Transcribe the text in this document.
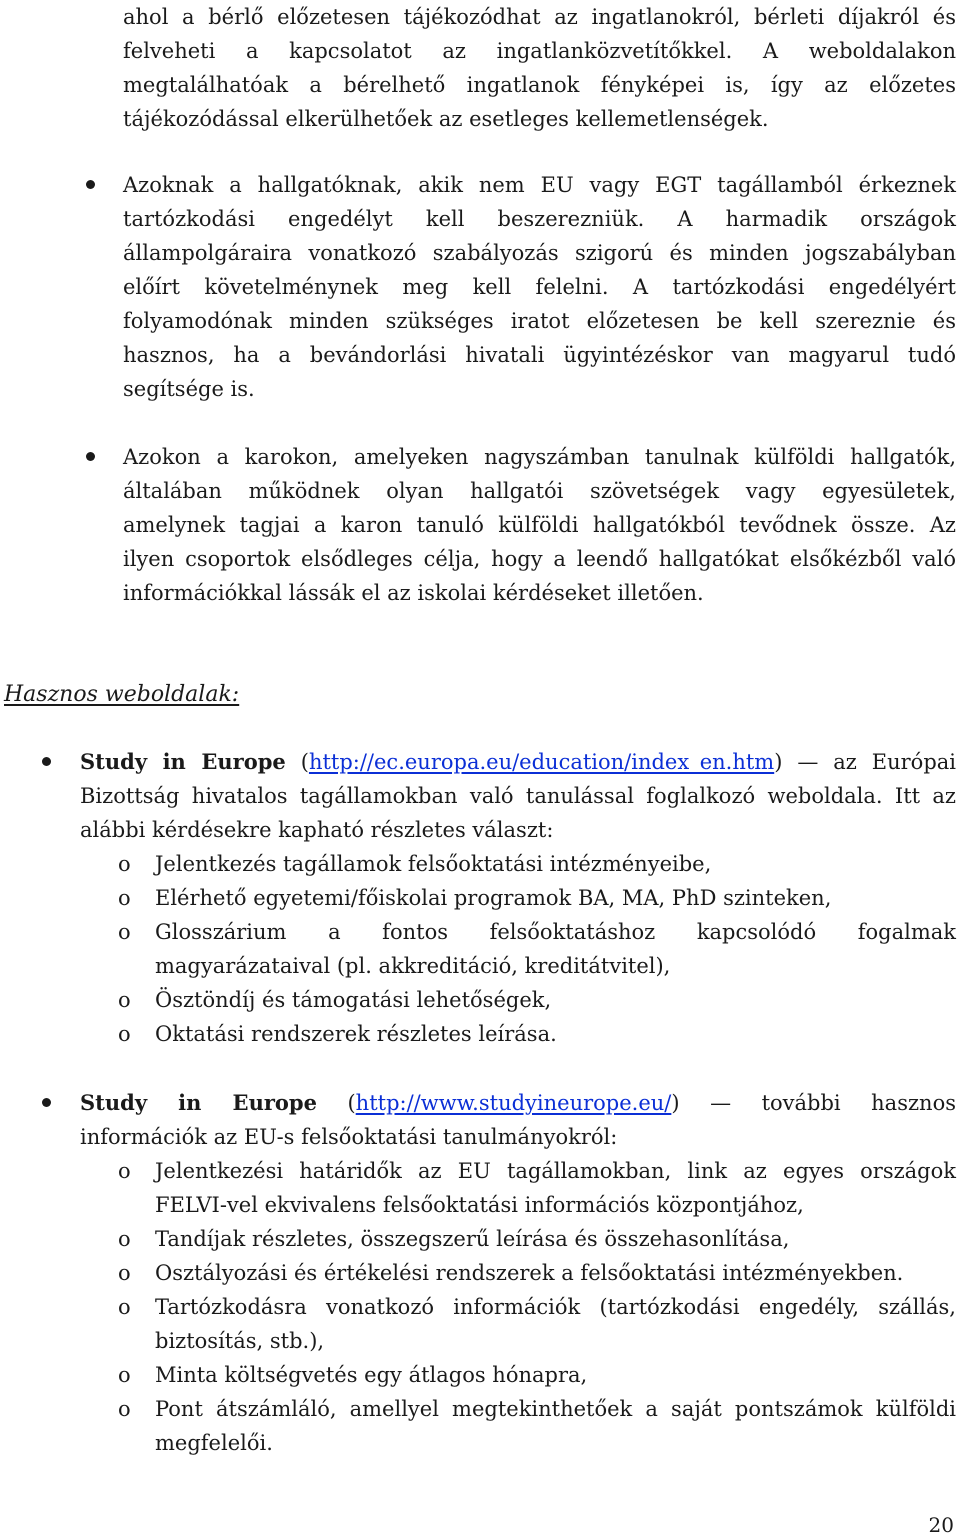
ahol a bérlő előzetesen tájékozódhat az ingatlanokról, bérleti díjakról és
felveheti a kapcsolatot az ingatlanközvetítőkkel. A weboldalakon
megtalálhatóak a bérelhető ingatlanok fényképei is, így az előzetes
tájékozódással elkerülhetőek az esetleges kellemetlenségek.
Azoknak a hallgatóknak, akik nem EU vagy EGT tagállamból érkeznek
tartózkodási engedélyt kell beszerezniük. A harmadik országok
állampolgáraira vonatkozó szabályozás szigorú és minden jogszabályban
előírt követelménynek meg kell felelni. A tartózkodási engedélyért
folyamodónak minden szükséges iratot előzetesen be kell szereznie és
hasznos, ha a bevándorlási hivatali ügyintézéskor van magyarul tudó
segítsége is.
Azokon a karokon, amelyeken nagyszámban tanulnak külföldi hallgatók,
általában működnek olyan hallgatói szövetségek vagy egyesületek,
amelynek tagjai a karon tanuló külföldi hallgatókból tevődnek össze. Az
ilyen csoportok elsődleges célja, hogy a leendő hallgatókat elsőkézből való
információkkal lássák el az iskolai kérdéseket illetően.
Hasznos weboldalak:
Study in Europe (http://ec.europa.eu/education/index_en.htm) — az Európai
Bizottság hivatalos tagállamokban való tanulással foglalkozó weboldala. Itt az
alábbi kérdésekre kapható részletes választ:
o Jelentkezés tagállamok felsőoktatási intézményeibe,
o Elérhető egyetemi/főiskolai programok BA, MA, PhD szinteken,
o Glosszárium a fontos felsőoktatáshoz kapcsolódó fogalmak
magyarázataival (pl. akkreditáció, kreditátvitel),
o Ösztöndíj és támogatási lehetőségek,
o Oktatási rendszerek részletes leírása.
Study in Europe (http://www.studyineurope.eu/) — további hasznos
információk az EU-s felsőoktatási tanulmányokról:
o Jelentkezési határidők az EU tagállamokban, link az egyes országok
FELVI-vel ekvivalens felsőoktatási információs központjához,
o Tandíjak részletes, összegszerű leírása és összehasonlítása,
o Osztályozási és értékelési rendszerek a felsőoktatási intézményekben.
o Tartózkodásra vonatkozó információk (tartózkodási engedély, szállás,
biztosítás, stb.),
o Minta költségvetés egy átlagos hónapra,
o Pont átszámláló, amellyel megtekinthetőek a saját pontszámok külföldi
megfelelői.
20
